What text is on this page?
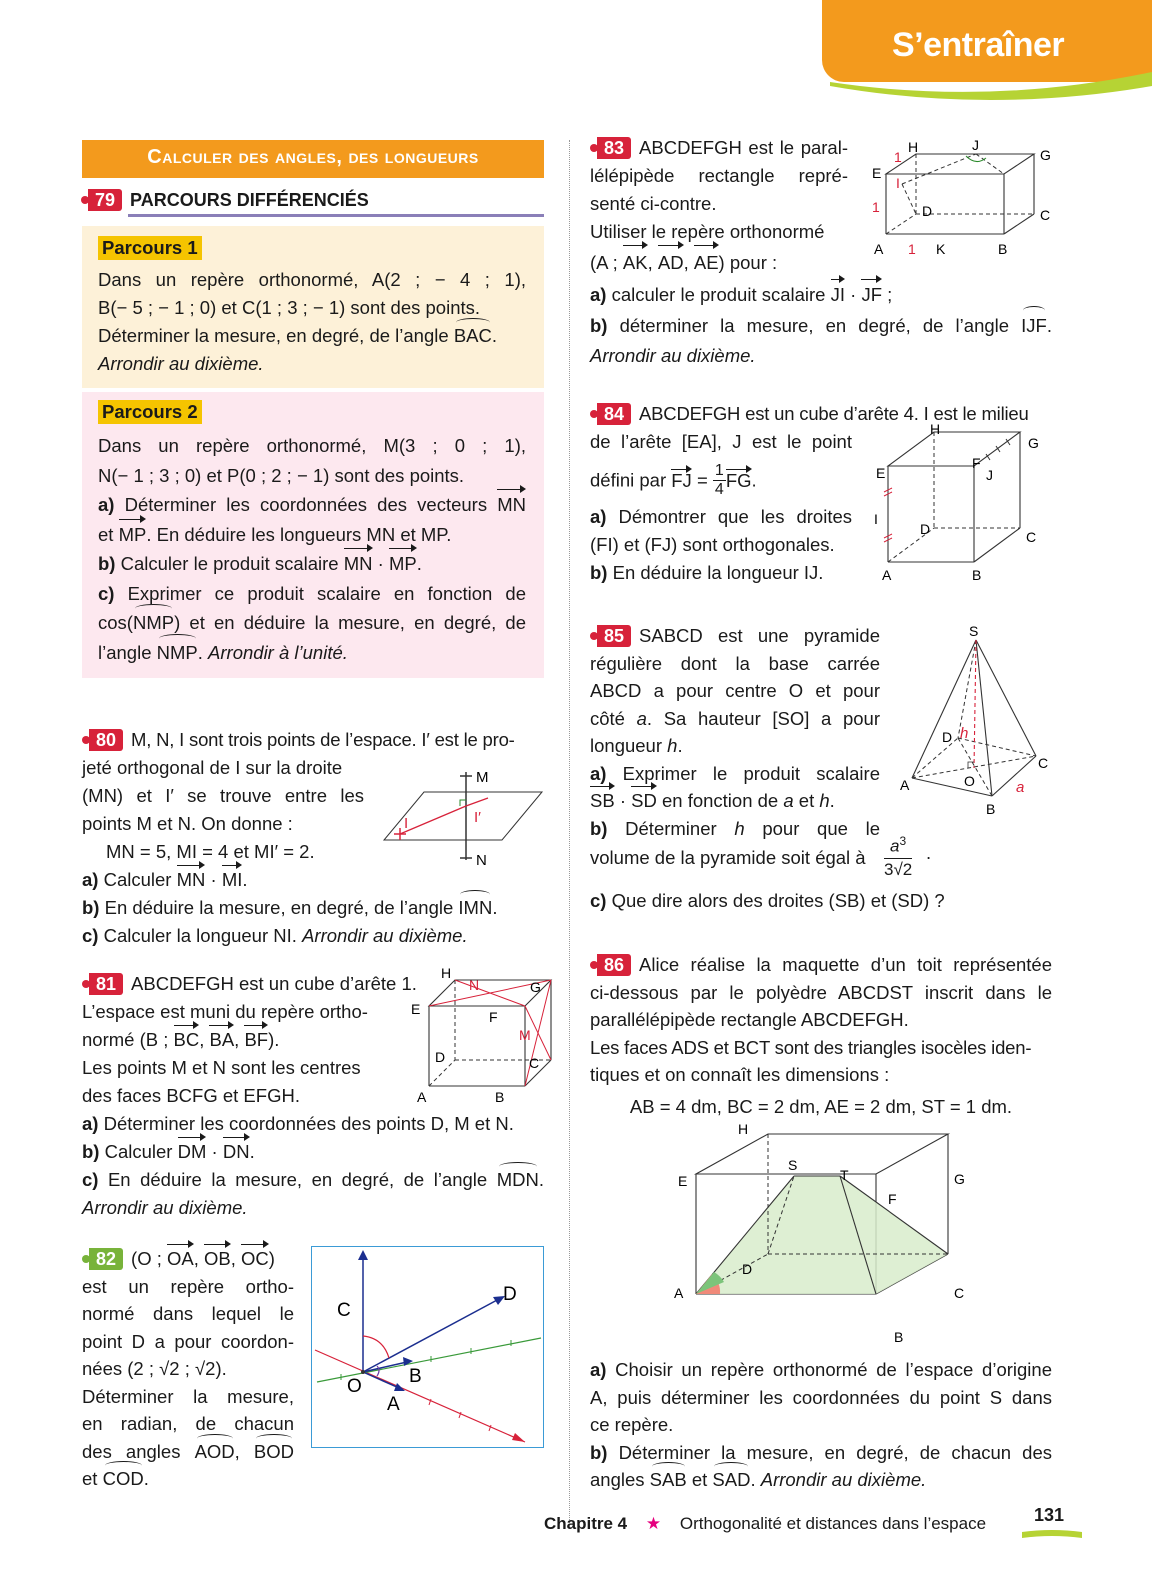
S’entraîner
Calculer des angles, des longueurs
79 PARCOURS DIFFÉRENCIÉS
Parcours 1

Dans un repère orthonormé, A(2 ; − 4 ; 1),

B(− 5 ; − 1 ; 0) et C(1 ; 3 ; − 1) sont des points.

Déterminer la mesure, en degré, de l’angle BAC.

Arrondir au dixième.

Parcours 2

Dans un repère orthonormé, M(3 ; 0 ; 1),

N(− 1 ; 3 ; 0) et P(0 ; 2 ; − 1) sont des points.

a) Déterminer les coordonnées des vecteurs MN

et MP. En déduire les longueurs MN et MP.

b) Calculer le produit scalaire MN · MP.

c) Exprimer ce produit scalaire en fonction de

cos(NMP) et en déduire la mesure, en degré, de

l’angle NMP. Arrondir à l’unité.

80 M, N, I sont trois points de l’espace. I′ est le pro-

jeté orthogonal de I sur la droite

(MN) et I′ se trouve entre les

points M et N. On donne :

MN = 5, MI = 4 et MI′ = 2.

a) Calculer MN · MI.

b) En déduire la mesure, en degré, de l’angle IMN.

c) Calculer la longueur NI. Arrondir au dixième.

M
N
I	I′

81 ABCDEFGH est un cube d’arête 1.

L’espace est muni du repère ortho-

normé (B ; BC, BA, BF).

Les points M et N sont les centres

des faces BCFG et EFGH.

a) Déterminer les coordonnées des points D, M et N.

b) Calculer DM · DN.

c) En déduire la mesure, en degré, de l’angle MDN.

Arrondir au dixième.

H
N	G
E	F
M
D	C
A	B

82 (O ; OA, OB, OC)

est un repère ortho-

normé dans lequel le

point D a pour coordon-

nées (2 ; √2 ; √2).

Déterminer la mesure,

en radian, de chacun

des angles AOD, BOD

et COD.

C
D
O B
A

83 ABCDEFGH est le paral-

lélépipède rectangle repré-

senté ci-contre.

Utiliser le repère orthonormé

(A ; AK, AD, AE) pour :

a) calculer le produit scalaire JI · JF ;

b) déterminer la mesure, en degré, de l’angle IJF.

Arrondir au dixième.

H	J
G
E
1
I
1	D	C
A 1 K	B

84 ABCDEFGH est un cube d’arête 4. I est le milieu

de l’arête [EA], J est le point

défini par FJ = $\frac{1}{4}$ FG.

a) Démontrer que les droites

(FI) et (FJ) sont orthogonales.

b) En déduire la longueur IJ.

H
G
E
F
J
I
D	C
A	B

85 SABCD est une pyramide

régulière dont la base carrée

ABCD a pour centre O et pour

côté a. Sa hauteur [SO] a pour

longueur h.

a) Exprimer le produit scalaire

SB · SD en fonction de a et h.

b) Déterminer h pour que le

volume de la pyramide soit égal à	$\frac{a^3}{3√2}$ .
c) Que dire alors des droites (SB) et (SD) ?
S
D h
C
A	O	a
B

86 Alice réalise la maquette d’un toit représentée

ci-dessous par le polyèdre ABCDST inscrit dans le

parallélépipède rectangle ABCDEFGH.

Les faces ADS et BCT sont des triangles isocèles iden-

tiques et on connaît les dimensions :

AB = 4 dm, BC = 2 dm, AE = 2 dm, ST = 1 dm.

H
S
T
E	G
F
D
A	C
B

a) Choisir un repère orthonormé de l’espace d’origine

A, puis déterminer les coordonnées du point S dans

ce repère.

b) Déterminer la mesure, en degré, de chacun des

angles SAB et SAD. Arrondir au dixième.

Chapitre 4 ★ Orthogonalité et distances dans l’espace	131
